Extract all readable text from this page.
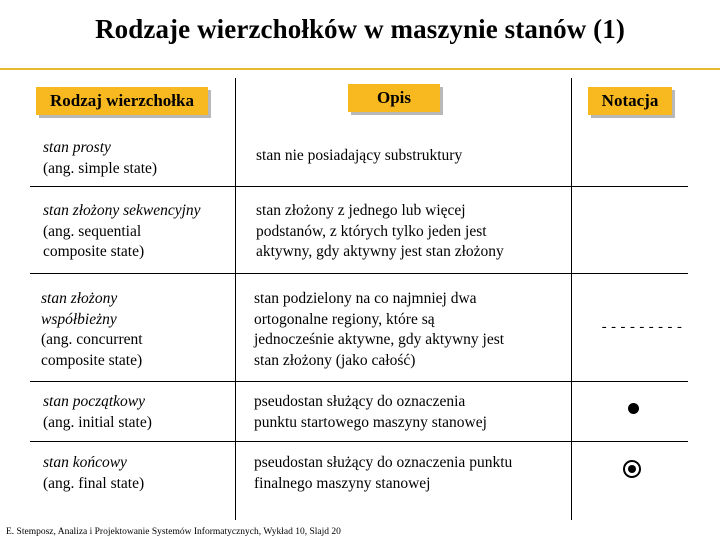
Rodzaje wierzchołków w maszynie stanów (1)
Rodzaj wierzchołka	Opis	Notacja
stan prosty
(ang. simple state)
stan nie posiadający substruktury
stan złożony sekwencyjny
(ang. sequential
composite state)
stan złożony z jednego lub więcej
podstanów, z których tylko jeden jest
aktywny, gdy aktywny jest stan złożony
stan złożony
współbieżny
(ang. concurrent
composite state)
stan podzielony na co najmniej dwa
ortogonalne regiony, które są
jednocześnie aktywne, gdy aktywny jest
stan złożony (jako całość)
---------
stan początkowy
(ang. initial state)
pseudostan służący do oznaczenia
punktu startowego maszyny stanowej
stan końcowy
(ang. final state)
pseudostan służący do oznaczenia punktu
finalnego maszyny stanowej
E. Stemposz, Analiza i Projektowanie Systemów Informatycznych, Wykład 10, Slajd 20
